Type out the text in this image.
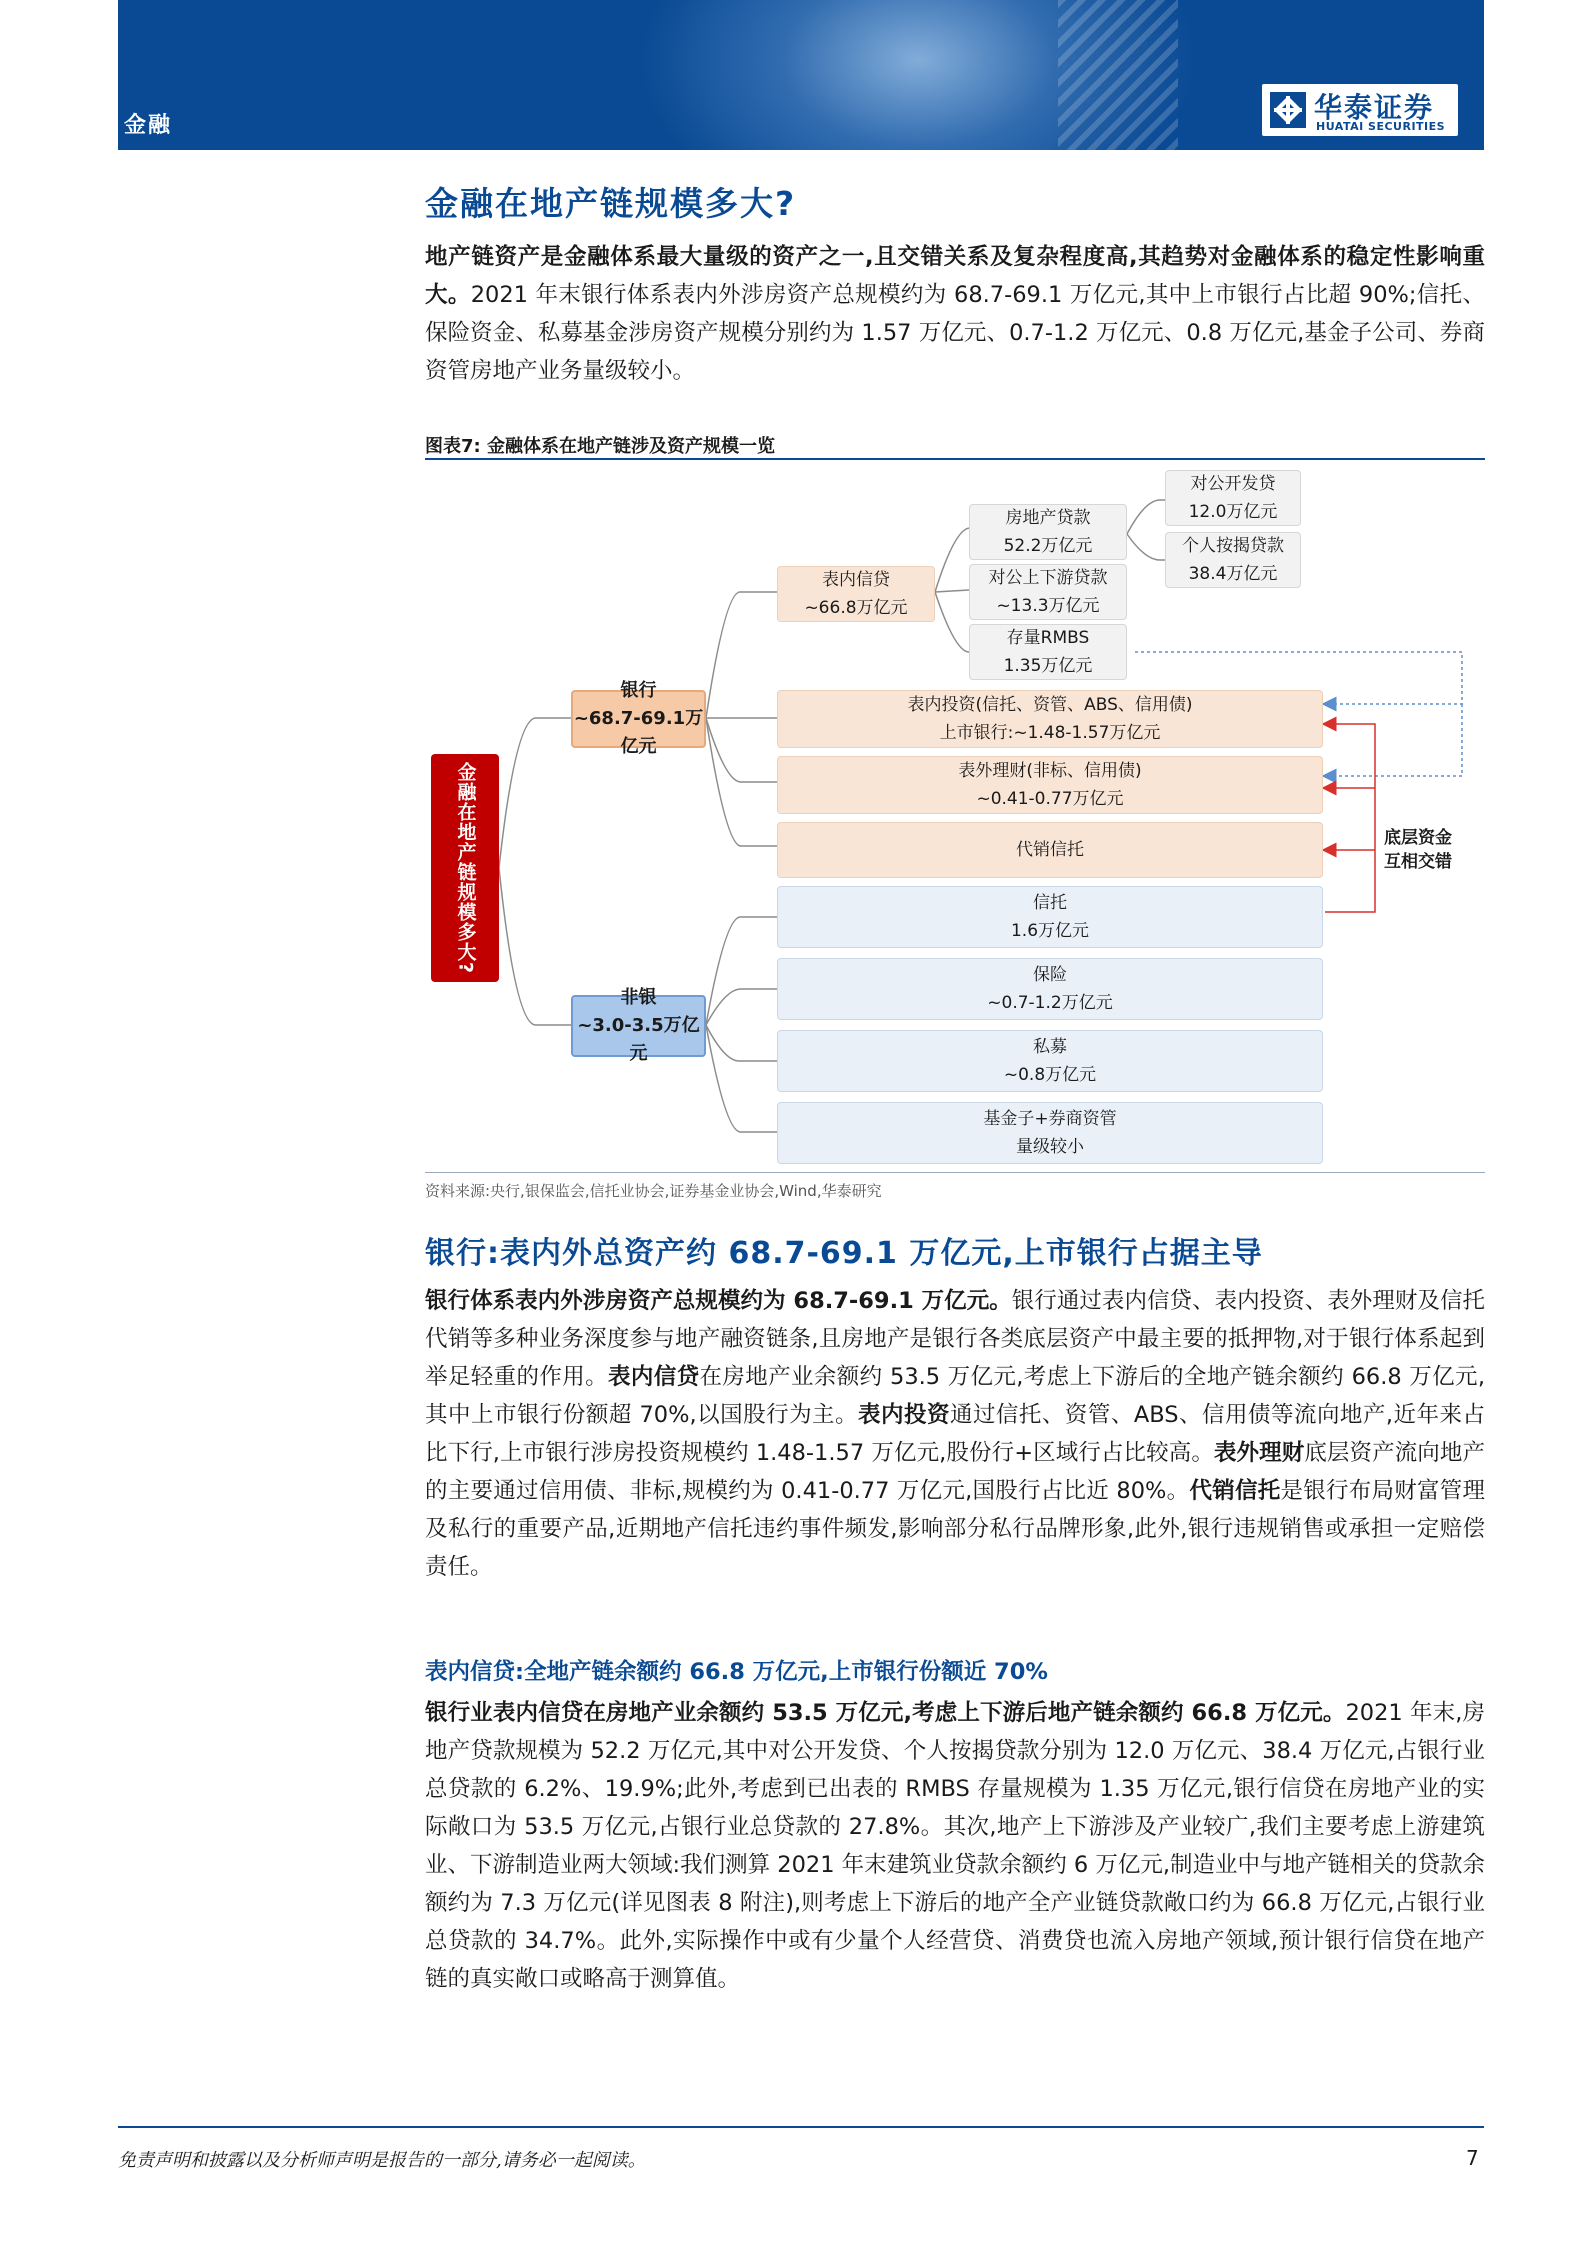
金融
华泰证券
HUATAI SECURITIES
金融在地产链规模多大?
地产链资产是金融体系最大量级的资产之一,且交错关系及复杂程度高,其趋势对金融体系的稳定性影响重大。2021 年末银行体系表内外涉房资产总规模约为 68.7-69.1 万亿元,其中上市银行占比超 90%;信托、保险资金、私募基金涉房资产规模分别约为 1.57 万亿元、0.7-1.2 万亿元、0.8 万亿元,基金子公司、券商资管房地产业务量级较小。
图表7: 金融体系在地产链涉及资产规模一览
金融在地产链规模多大?
银行
~68.7-69.1万亿元
非银
~3.0-3.5万亿元
表内信贷
~66.8万亿元
房地产贷款
52.2万亿元
对公上下游贷款
~13.3万亿元
存量RMBS
1.35万亿元
对公开发贷
12.0万亿元
个人按揭贷款
38.4万亿元
表内投资(信托、资管、ABS、信用债)
上市银行:~1.48-1.57万亿元
表外理财(非标、信用债)
~0.41-0.77万亿元
代销信托
信托
1.6万亿元
保险
~0.7-1.2万亿元
私募
~0.8万亿元
基金子+券商资管
量级较小
底层资金
互相交错
资料来源:央行,银保监会,信托业协会,证券基金业协会,Wind,华泰研究
银行:表内外总资产约 68.7-69.1 万亿元,上市银行占据主导
银行体系表内外涉房资产总规模约为 68.7-69.1 万亿元。银行通过表内信贷、表内投资、表外理财及信托代销等多种业务深度参与地产融资链条,且房地产是银行各类底层资产中最主要的抵押物,对于银行体系起到举足轻重的作用。表内信贷在房地产业余额约 53.5 万亿元,考虑上下游后的全地产链余额约 66.8 万亿元,其中上市银行份额超 70%,以国股行为主。表内投资通过信托、资管、ABS、信用债等流向地产,近年来占比下行,上市银行涉房投资规模约 1.48-1.57 万亿元,股份行+区域行占比较高。表外理财底层资产流向地产的主要通过信用债、非标,规模约为 0.41-0.77 万亿元,国股行占比近 80%。代销信托是银行布局财富管理及私行的重要产品,近期地产信托违约事件频发,影响部分私行品牌形象,此外,银行违规销售或承担一定赔偿责任。
表内信贷:全地产链余额约 66.8 万亿元,上市银行份额近 70%
银行业表内信贷在房地产业余额约 53.5 万亿元,考虑上下游后地产链余额约 66.8 万亿元。2021 年末,房地产贷款规模为 52.2 万亿元,其中对公开发贷、个人按揭贷款分别为 12.0 万亿元、38.4 万亿元,占银行业总贷款的 6.2%、19.9%;此外,考虑到已出表的 RMBS 存量规模为 1.35 万亿元,银行信贷在房地产业的实际敞口为 53.5 万亿元,占银行业总贷款的 27.8%。其次,地产上下游涉及产业较广,我们主要考虑上游建筑业、下游制造业两大领域:我们测算 2021 年末建筑业贷款余额约 6 万亿元,制造业中与地产链相关的贷款余额约为 7.3 万亿元(详见图表 8 附注),则考虑上下游后的地产全产业链贷款敞口约为 66.8 万亿元,占银行业总贷款的 34.7%。此外,实际操作中或有少量个人经营贷、消费贷也流入房地产领域,预计银行信贷在地产链的真实敞口或略高于测算值。
免责声明和披露以及分析师声明是报告的一部分,请务必一起阅读。	7
